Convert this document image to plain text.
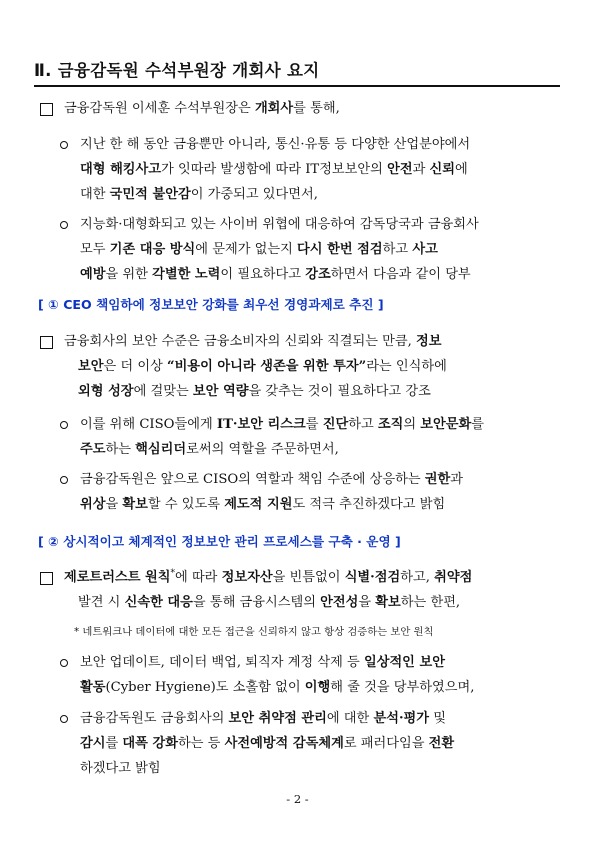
Ⅱ. 금융감독원 수석부원장 개회사 요지
금융감독원 이세훈 수석부원장은 개회사를 통해,
지난 한 해 동안 금융뿐만 아니라, 통신·유통 등 다양한 산업분야에서
대형 해킹사고가 잇따라 발생함에 따라 IT정보보안의 안전과 신뢰에
대한 국민적 불안감이 가중되고 있다면서,
지능화·대형화되고 있는 사이버 위협에 대응하여 감독당국과 금융회사
모두 기존 대응 방식에 문제가 없는지 다시 한번 점검하고 사고
예방을 위한 각별한 노력이 필요하다고 강조하면서 다음과 같이 당부
[ ① CEO 책임하에 정보보안 강화를 최우선 경영과제로 추진 ]
금융회사의 보안 수준은 금융소비자의 신뢰와 직결되는 만큼, 정보
보안은 더 이상 “비용이 아니라 생존을 위한 투자”라는 인식하에
외형 성장에 걸맞는 보안 역량을 갖추는 것이 필요하다고 강조
이를 위해 CISO들에게 IT·보안 리스크를 진단하고 조직의 보안문화를
주도하는 핵심리더로써의 역할을 주문하면서,
금융감독원은 앞으로 CISO의 역할과 책임 수준에 상응하는 권한과
위상을 확보할 수 있도록 제도적 지원도 적극 추진하겠다고 밝힘
[ ② 상시적이고 체계적인 정보보안 관리 프로세스를 구축 · 운영 ]
제로트러스트 원칙*에 따라 정보자산을 빈틈없이 식별·점검하고, 취약점
발견 시 신속한 대응을 통해 금융시스템의 안전성을 확보하는 한편,
* 네트워크나 데이터에 대한 모든 접근을 신뢰하지 않고 항상 검증하는 보안 원칙
보안 업데이트, 데이터 백업, 퇴직자 계정 삭제 등 일상적인 보안
활동(Cyber Hygiene)도 소홀함 없이 이행해 줄 것을 당부하였으며,
금융감독원도 금융회사의 보안 취약점 관리에 대한 분석·평가 및
감시를 대폭 강화하는 등 사전예방적 감독체계로 패러다임을 전환
하겠다고 밝힘
- 2 -
